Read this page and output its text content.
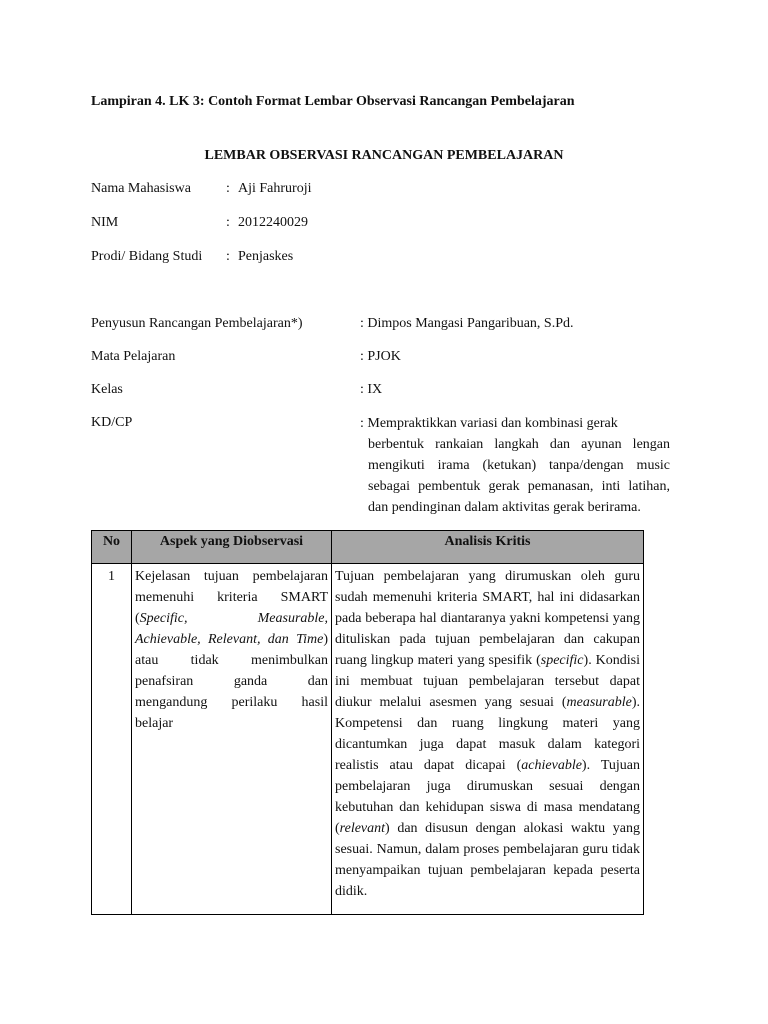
Lampiran 4. LK 3: Contoh Format Lembar Observasi Rancangan Pembelajaran
LEMBAR OBSERVASI RANCANGAN PEMBELAJARAN
Nama Mahasiswa	: Aji Fahruroji
NIM	: 2012240029
Prodi/ Bidang Studi : Penjaskes
Penyusun Rancangan Pembelajaran*)	: Dimpos Mangasi Pangaribuan, S.Pd.
Mata Pelajaran	: PJOK
Kelas	: IX
KD/CP	: Mempraktikkan variasi dan kombinasi gerak
berbentuk rankaian langkah dan ayunan lengan mengikuti irama (ketukan) tanpa/dengan music sebagai pembentuk gerak pemanasan, inti latihan, dan pendinginan dalam aktivitas gerak berirama.
No	Aspek yang Diobservasi	Analisis Kritis
1	Kejelasan tujuan pembelajaran memenuhi kriteria SMART (Specific, Measurable, Achievable, Relevant, dan Time) atau tidak menimbulkan penafsiran ganda dan mengandung perilaku hasil belajar	Tujuan pembelajaran yang dirumuskan oleh guru sudah memenuhi kriteria SMART, hal ini didasarkan pada beberapa hal diantaranya yakni kompetensi yang dituliskan pada tujuan pembelajaran dan cakupan ruang lingkup materi yang spesifik (specific). Kondisi ini membuat tujuan pembelajaran tersebut dapat diukur melalui asesmen yang sesuai (measurable). Kompetensi dan ruang lingkung materi yang dicantumkan juga dapat masuk dalam kategori realistis atau dapat dicapai (achievable). Tujuan pembelajaran juga dirumuskan sesuai dengan kebutuhan dan kehidupan siswa di masa mendatang (relevant) dan disusun dengan alokasi waktu yang sesuai. Namun, dalam proses pembelajaran guru tidak menyampaikan tujuan pembelajaran kepada peserta didik.
